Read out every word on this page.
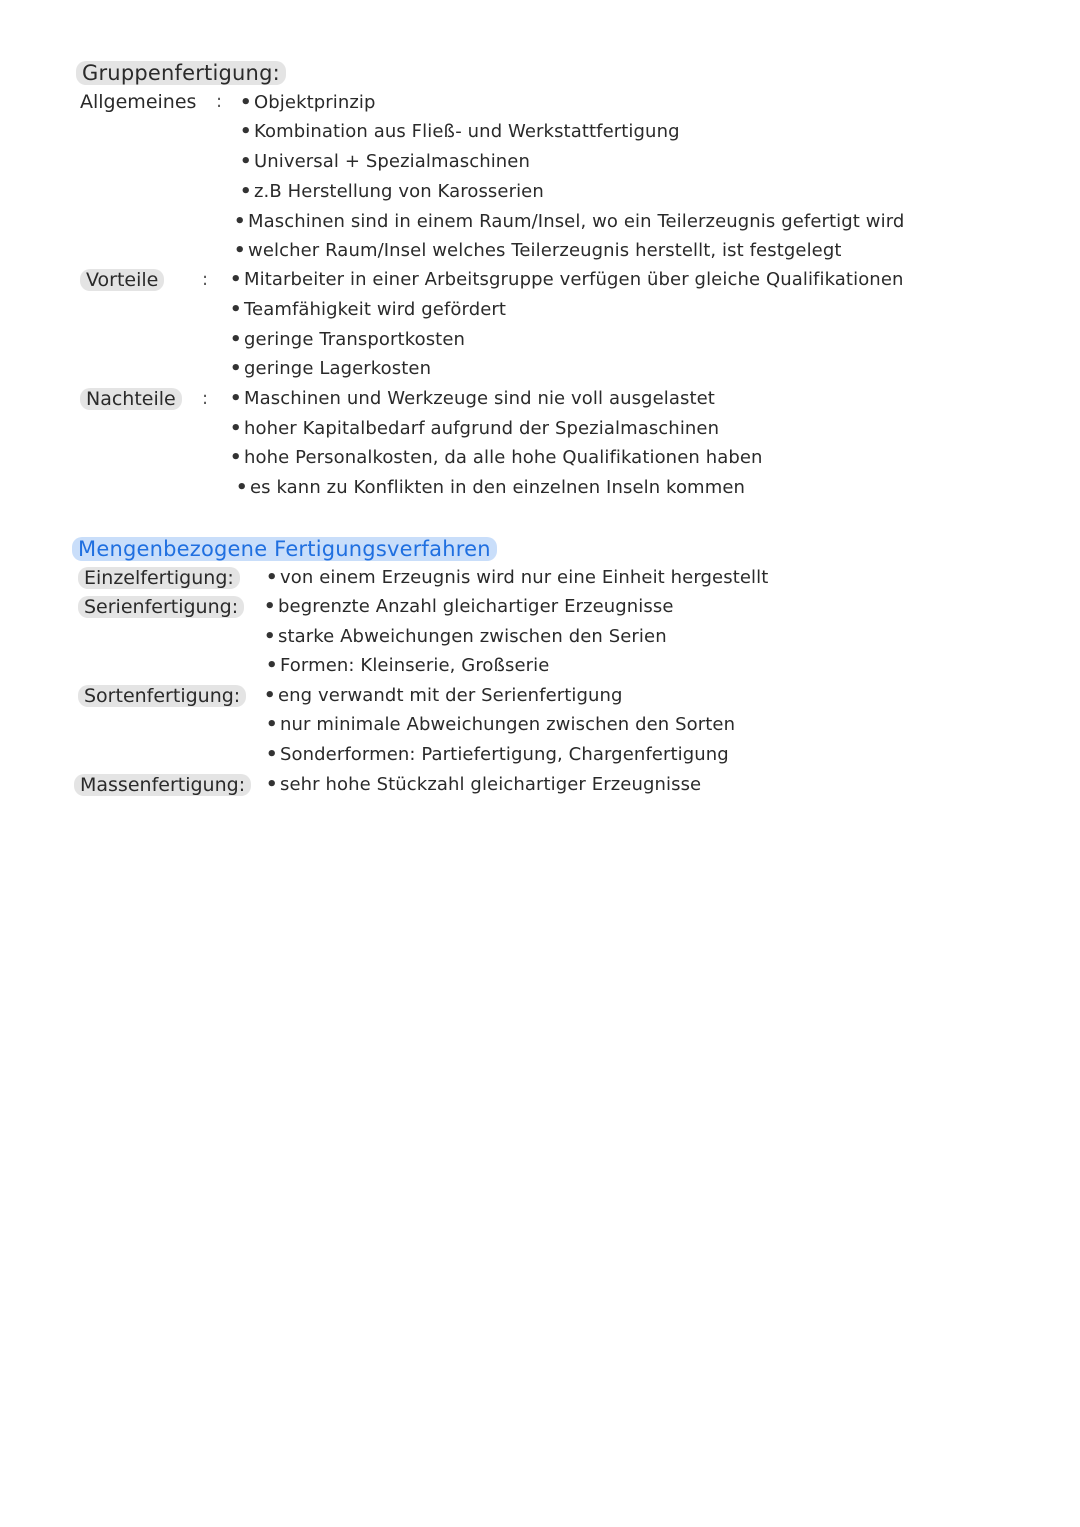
Gruppenfertigung:
Allgemeines : • Objektprinzip
• Kombination aus Fließ- und Werkstattfertigung
• Universal + Spezialmaschinen
• z.B Herstellung von Karosserien
• Maschinen sind in einem Raum/Insel, wo ein Teilerzeugnis gefertigt wird
• welcher Raum/Insel welches Teilerzeugnis herstellt, ist festgelegt
Vorteile	: • Mitarbeiter in einer Arbeitsgruppe verfügen über gleiche Qualifikationen
• Teamfähigkeit wird gefördert
• geringe Transportkosten
• geringe Lagerkosten
Nachteile	: • Maschinen und Werkzeuge sind nie voll ausgelastet
• hoher Kapitalbedarf aufgrund der Spezialmaschinen
• hohe Personalkosten, da alle hohe Qualifikationen haben
• es kann zu Konflikten in den einzelnen Inseln kommen
Mengenbezogene Fertigungsverfahren
Einzelfertigung:	• von einem Erzeugnis wird nur eine Einheit hergestellt
Serienfertigung:	• begrenzte Anzahl gleichartiger Erzeugnisse
• starke Abweichungen zwischen den Serien
• Formen: Kleinserie, Großserie
Sortenfertigung:	• eng verwandt mit der Serienfertigung
• nur minimale Abweichungen zwischen den Sorten
• Sonderformen: Partiefertigung, Chargenfertigung
Massenfertigung:	• sehr hohe Stückzahl gleichartiger Erzeugnisse
